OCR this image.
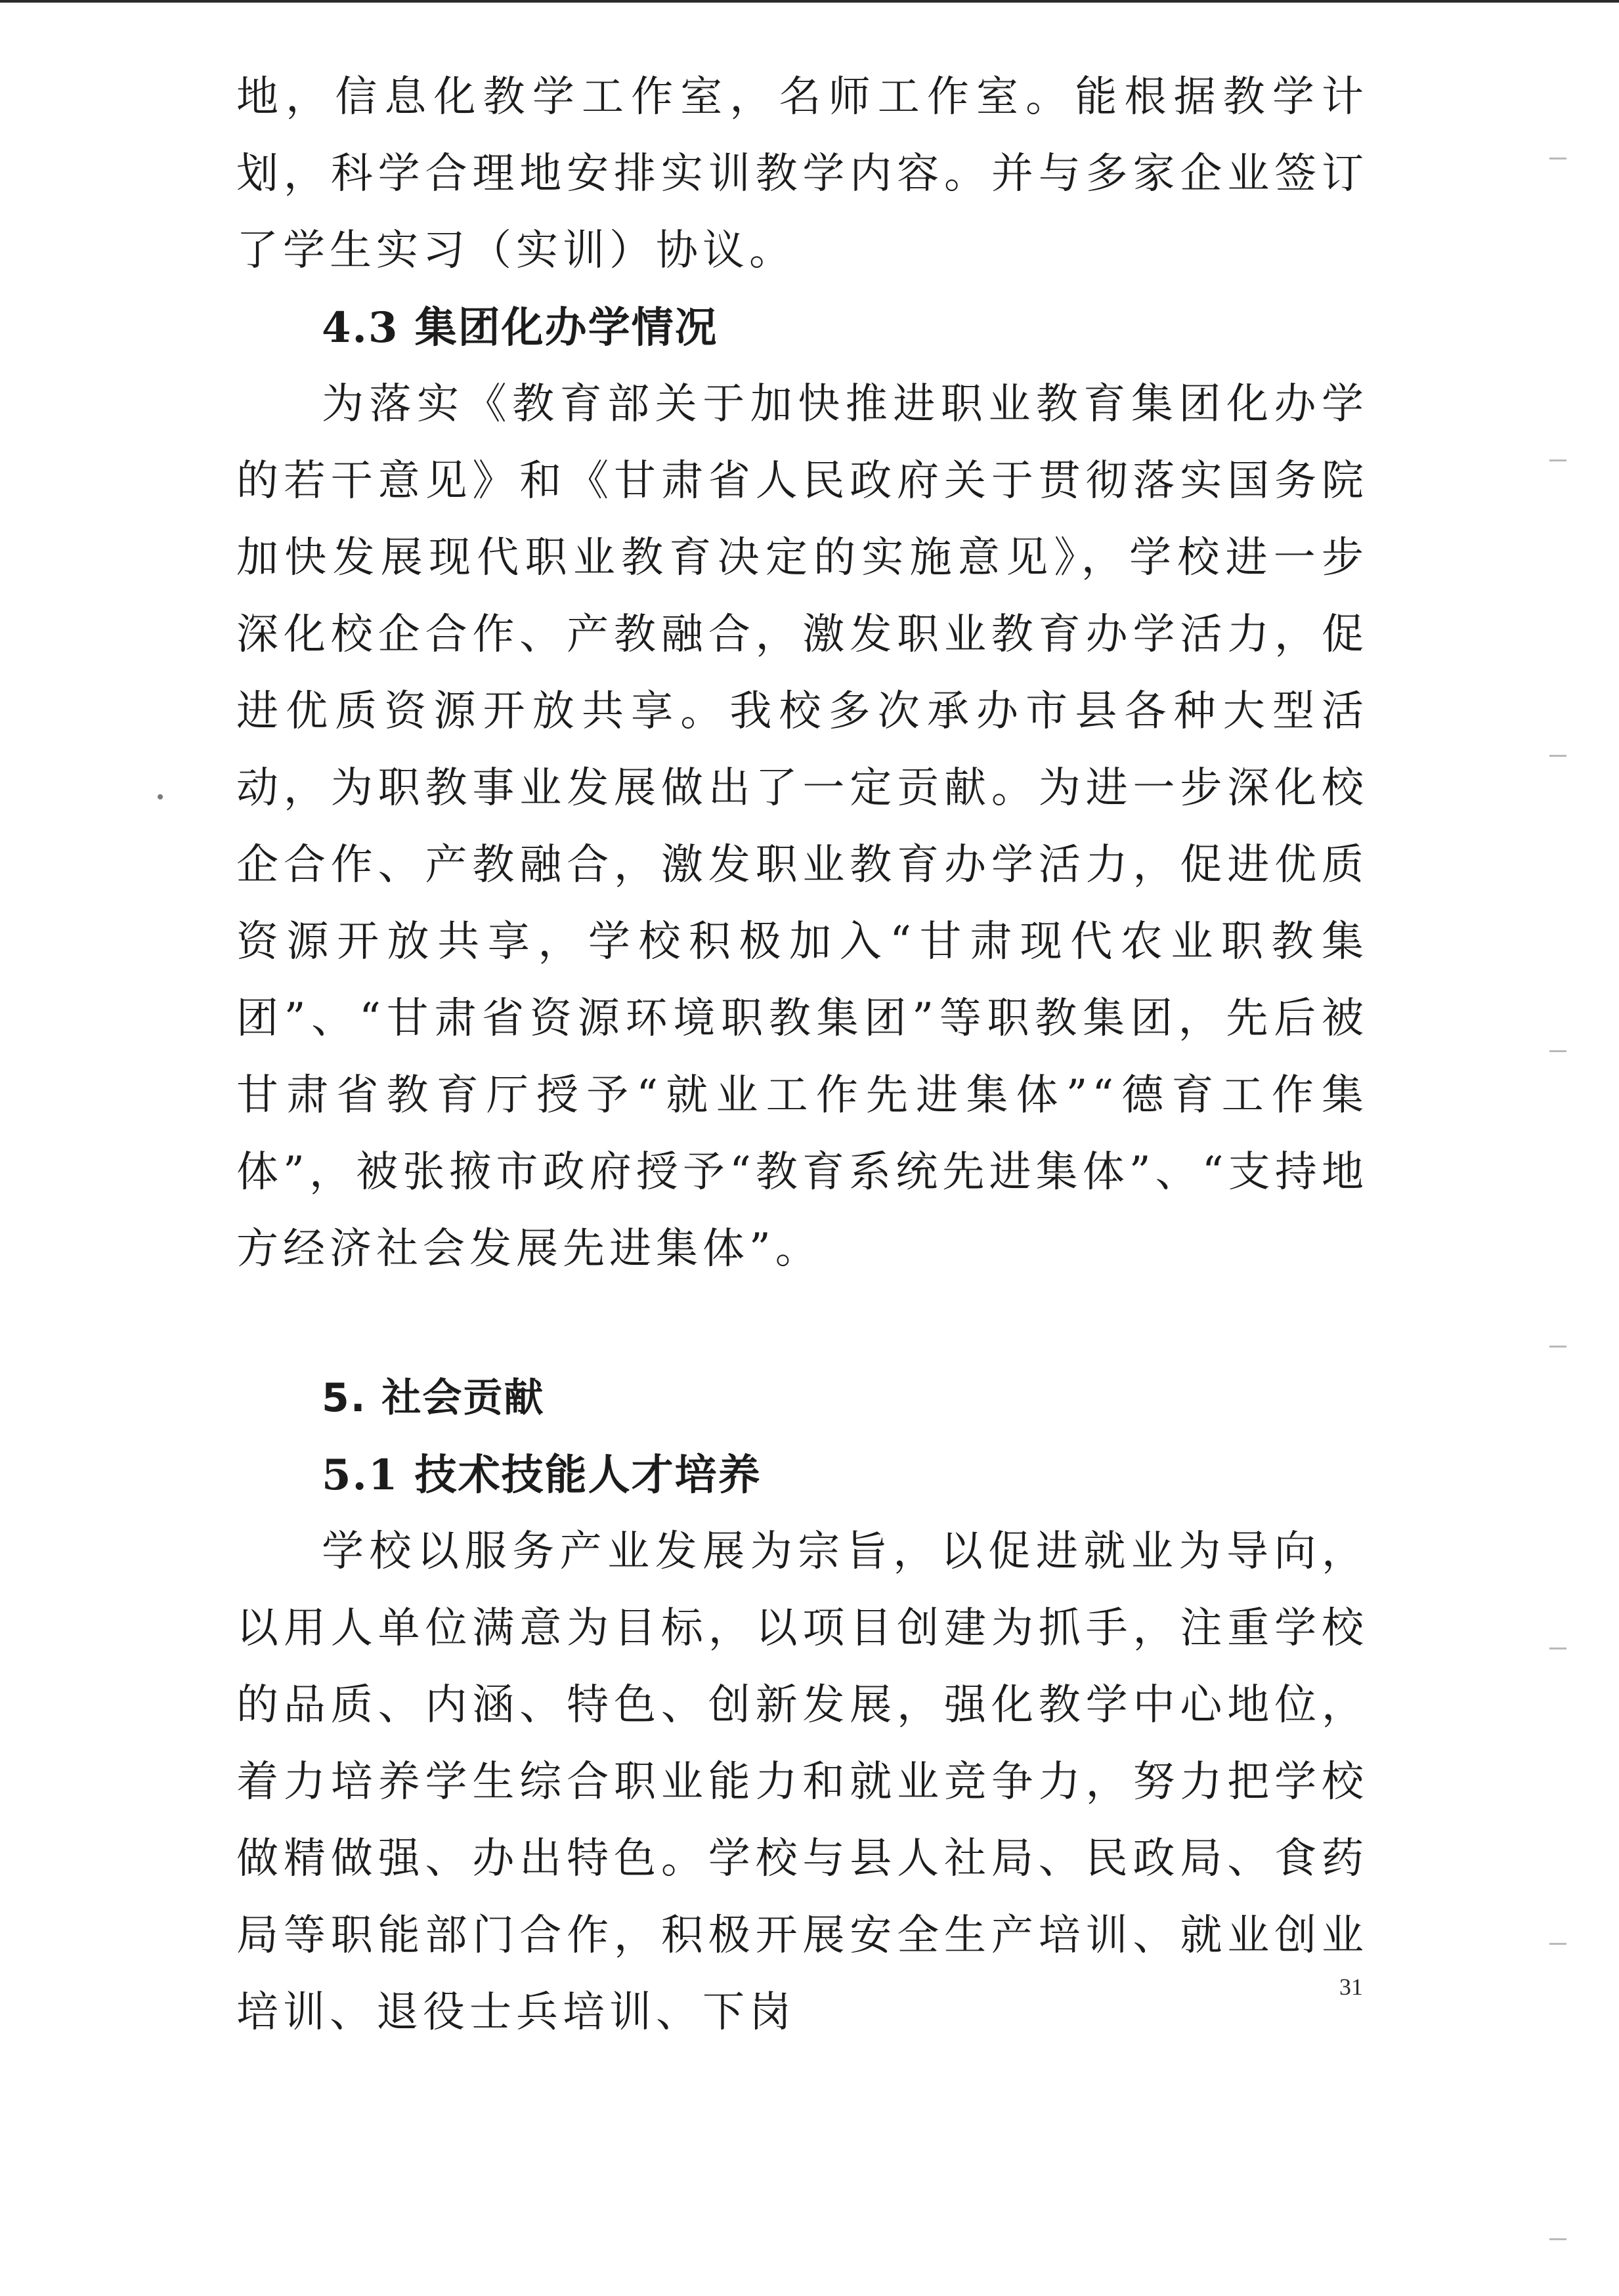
地，信息化教学工作室，名师工作室。能根据教学计划，科学合理地安排实训教学内容。并与多家企业签订了学生实习（实训）协议。

4.3 集团化办学情况

为落实《教育部关于加快推进职业教育集团化办学的若干意见》和《甘肃省人民政府关于贯彻落实国务院加快发展现代职业教育决定的实施意见》，学校进一步深化校企合作、产教融合，激发职业教育办学活力，促进优质资源开放共享。我校多次承办市县各种大型活动，为职教事业发展做出了一定贡献。为进一步深化校企合作、产教融合，激发职业教育办学活力，促进优质资源开放共享，学校积极加入“甘肃现代农业职教集团”、“甘肃省资源环境职教集团”等职教集团，先后被甘肃省教育厅授予“就业工作先进集体”“德育工作集体”，被张掖市政府授予“教育系统先进集体”、“支持地方经济社会发展先进集体”。

5. 社会贡献
5.1 技术技能人才培养

学校以服务产业发展为宗旨，以促进就业为导向，以用人单位满意为目标，以项目创建为抓手，注重学校的品质、内涵、特色、创新发展，强化教学中心地位，着力培养学生综合职业能力和就业竞争力，努力把学校做精做强、办出特色。学校与县人社局、民政局、食药局等职能部门合作，积极开展安全生产培训、就业创业培训、退役士兵培训、下岗

31
